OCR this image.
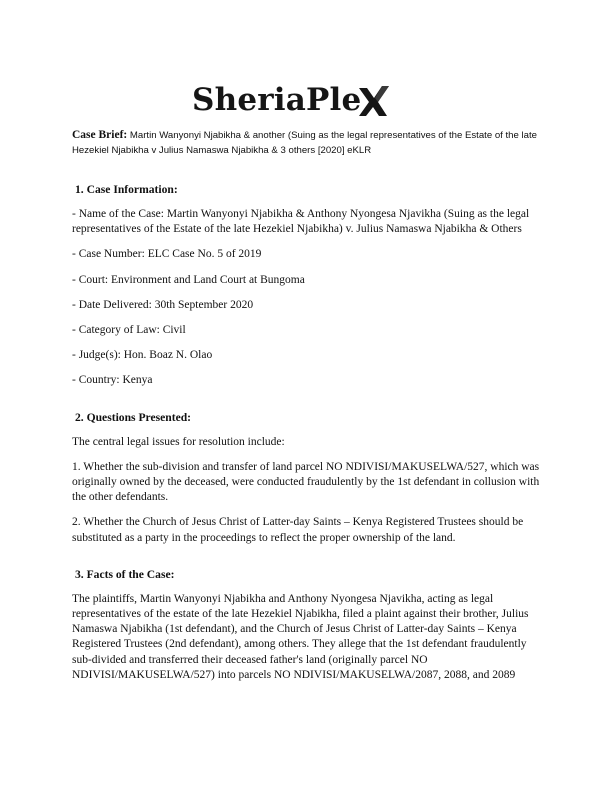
SheriaPle

Case Brief: Martin Wanyonyi Njabikha & another (Suing as the legal representatives of the Estate of the late Hezekiel Njabikha v Julius Namaswa Njabikha & 3 others [2020] eKLR

1. Case Information:

- Name of the Case: Martin Wanyonyi Njabikha & Anthony Nyongesa Njavikha (Suing as the legal representatives of the Estate of the late Hezekiel Njabikha) v. Julius Namaswa Njabikha & Others

- Case Number: ELC Case No. 5 of 2019

- Court: Environment and Land Court at Bungoma

- Date Delivered: 30th September 2020

- Category of Law: Civil

- Judge(s): Hon. Boaz N. Olao

- Country: Kenya

2. Questions Presented:

The central legal issues for resolution include:

1. Whether the sub-division and transfer of land parcel NO NDIVISI/MAKUSELWA/527, which was originally owned by the deceased, were conducted fraudulently by the 1st defendant in collusion with the other defendants.

2. Whether the Church of Jesus Christ of Latter-day Saints – Kenya Registered Trustees should be substituted as a party in the proceedings to reflect the proper ownership of the land.

3. Facts of the Case:

The plaintiffs, Martin Wanyonyi Njabikha and Anthony Nyongesa Njavikha, acting as legal representatives of the estate of the late Hezekiel Njabikha, filed a plaint against their brother, Julius Namaswa Njabikha (1st defendant), and the Church of Jesus Christ of Latter-day Saints – Kenya Registered Trustees (2nd defendant), among others. They allege that the 1st defendant fraudulently sub-divided and transferred their deceased father's land (originally parcel NO NDIVISI/MAKUSELWA/527) into parcels NO NDIVISI/MAKUSELWA/2087, 2088, and 2089
